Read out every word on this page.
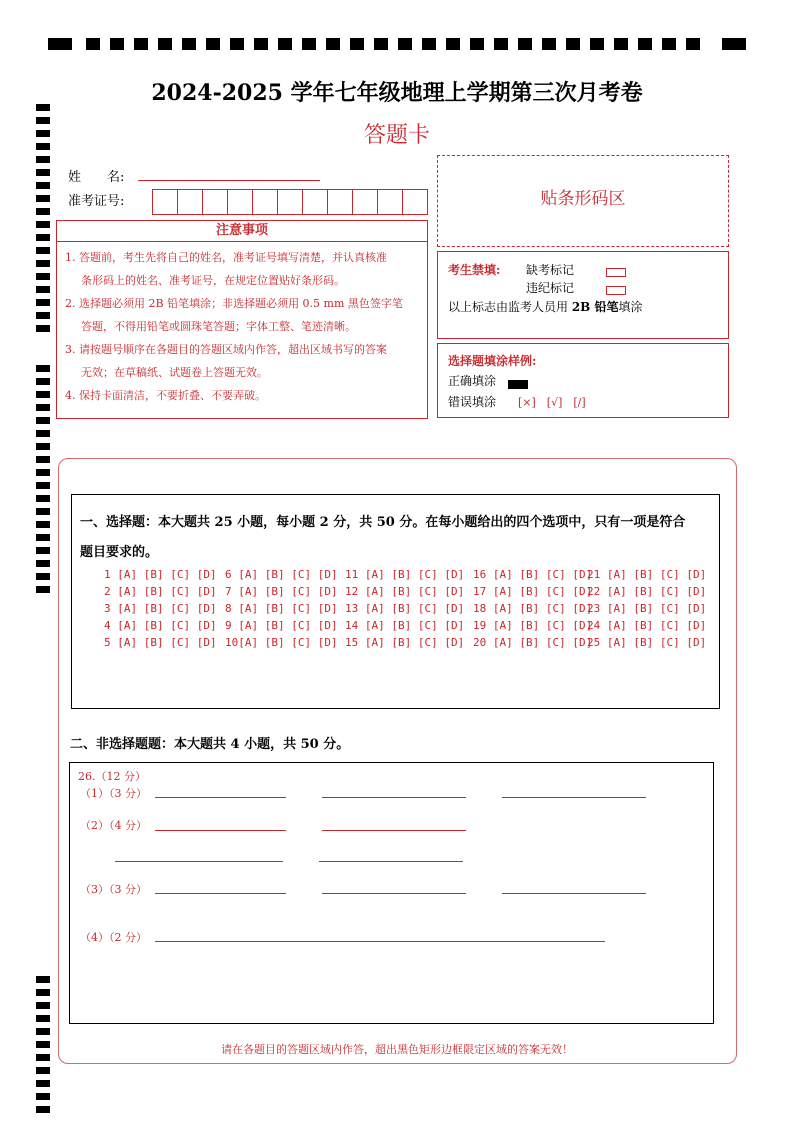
2024-2025 学年七年级地理上学期第三次月考卷
答题卡
姓　　名:
准考证号:	贴条形码区
注意事项
1. 答题前，考生先将自己的姓名，准考证号填写清楚，并认真核准
条形码上的姓名、准考证号，在规定位置贴好条形码。
2. 选择题必须用 2B 铅笔填涂；非选择题必须用 0.5 mm 黑色签字笔
答题，不得用铅笔或圆珠笔答题；字体工整、笔迹清晰。
3. 请按题号顺序在各题目的答题区域内作答，超出区域书写的答案
无效；在草稿纸、试题卷上答题无效。
4. 保持卡面清洁，不要折叠、不要弄破。
考生禁填: 缺考标记
违纪标记
以上标志由监考人员用 2B 铅笔填涂
选择题填涂样例:
正确填涂
错误填涂 [×]　[√]　[/]
一、选择题：本大题共 25 小题，每小题 2 分，共 50 分。在每小题给出的四个选项中，只有一项是符合
题目要求的。
1 [A] [B] [C] [D]
2 [A] [B] [C] [D]
3 [A] [B] [C] [D]
4 [A] [B] [C] [D]
5 [A] [B] [C] [D]
6 [A] [B] [C] [D]
7 [A] [B] [C] [D]
8 [A] [B] [C] [D]
9 [A] [B] [C] [D]
10[A] [B] [C] [D]
11 [A] [B] [C] [D]
12 [A] [B] [C] [D]
13 [A] [B] [C] [D]
14 [A] [B] [C] [D]
15 [A] [B] [C] [D]
16 [A] [B] [C] [D]
17 [A] [B] [C] [D]
18 [A] [B] [C] [D]
19 [A] [B] [C] [D]
20 [A] [B] [C] [D]
21 [A] [B] [C] [D]
22 [A] [B] [C] [D]
23 [A] [B] [C] [D]
24 [A] [B] [C] [D]
25 [A] [B] [C] [D]
二、非选择题题：本大题共 4 小题，共 50 分。
26.（12 分）
（1）（3 分）
（2）（4 分）
（3）（3 分）
（4）（2 分）
请在各题目的答题区域内作答，超出黑色矩形边框限定区域的答案无效！
